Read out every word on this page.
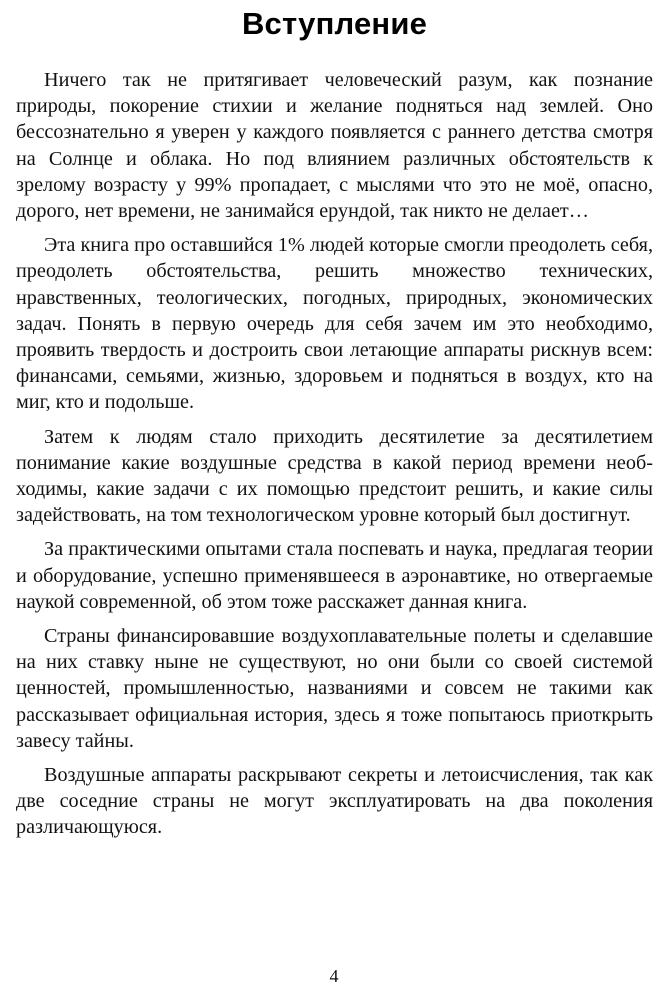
Вступление

Ничего так не притягивает человеческий разум, как познание природы, покорение стихии и желание подняться над землей. Оно бессознательно я уверен у каждого появляется с раннего детства смотря на Солнце и облака. Но под влиянием различных обстоятельств к зрелому возрасту у 99% пропадает, с мыслями что это не моё, опасно, дорого, нет времени, не занимайся ерундой, так никто не делает…

Эта книга про оставшийся 1% людей которые смогли преодолеть себя, преодолеть обстоятельства, решить множество технических, нравственных, теологических, погодных, природных, экономических задач. Понять в первую очередь для себя зачем им это необходимо, проявить твердость и достроить свои летающие аппараты рискнув всем: финансами, семьями, жизнью, здоровьем и подняться в воздух, кто на миг, кто и подольше.

Затем к людям стало приходить десятилетие за десятилетием понимание какие воздушные средства в какой период времени необходимы, какие задачи с их помощью предстоит решить, и какие силы задействовать, на том технологическом уровне который был достигнут.

За практическими опытами стала поспевать и наука, предлагая теории и оборудование, успешно применявшееся в аэронавтике, но отвергаемые наукой современной, об этом тоже расскажет данная книга.

Страны финансировавшие воздухоплавательные полеты и сделавшие на них ставку ныне не существуют, но они были со своей системой ценностей, промышленностью, названиями и совсем не такими как рассказывает официальная история, здесь я тоже попытаюсь приоткрыть завесу тайны.

Воздушные аппараты раскрывают секреты и летоисчисления, так как две соседние страны не могут эксплуатировать на два поколения различающуюся.

4
